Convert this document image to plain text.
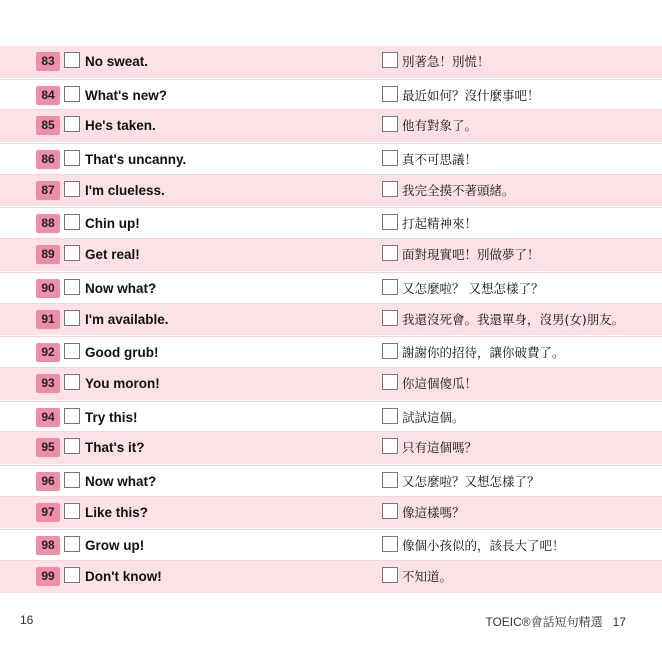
83	No sweat.	別著急！別慌！
84	What's new?	最近如何？沒什麼事吧！
85	He's taken.	他有對象了。
86	That's uncanny.	真不可思議！
87	I'm clueless.	我完全摸不著頭緒。
88	Chin up!	打起精神來！
89	Get real!	面對現實吧！別做夢了！
90	Now what?	又怎麼啦？ 又想怎樣了？
91	I'm available.	我還沒死會。我還單身，沒男(女)朋友。
92	Good grub!	謝謝你的招待，讓你破費了。
93	You moron!	你這個傻瓜！
94	Try this!	試試這個。
95	That's it?	只有這個嗎？
96	Now what?	又怎麼啦？又想怎樣了？
97	Like this?	像這樣嗎？
98	Grow up!	像個小孩似的，該長大了吧！
99	Don't know!	不知道。
16	TOEIC®會話短句精選 17
